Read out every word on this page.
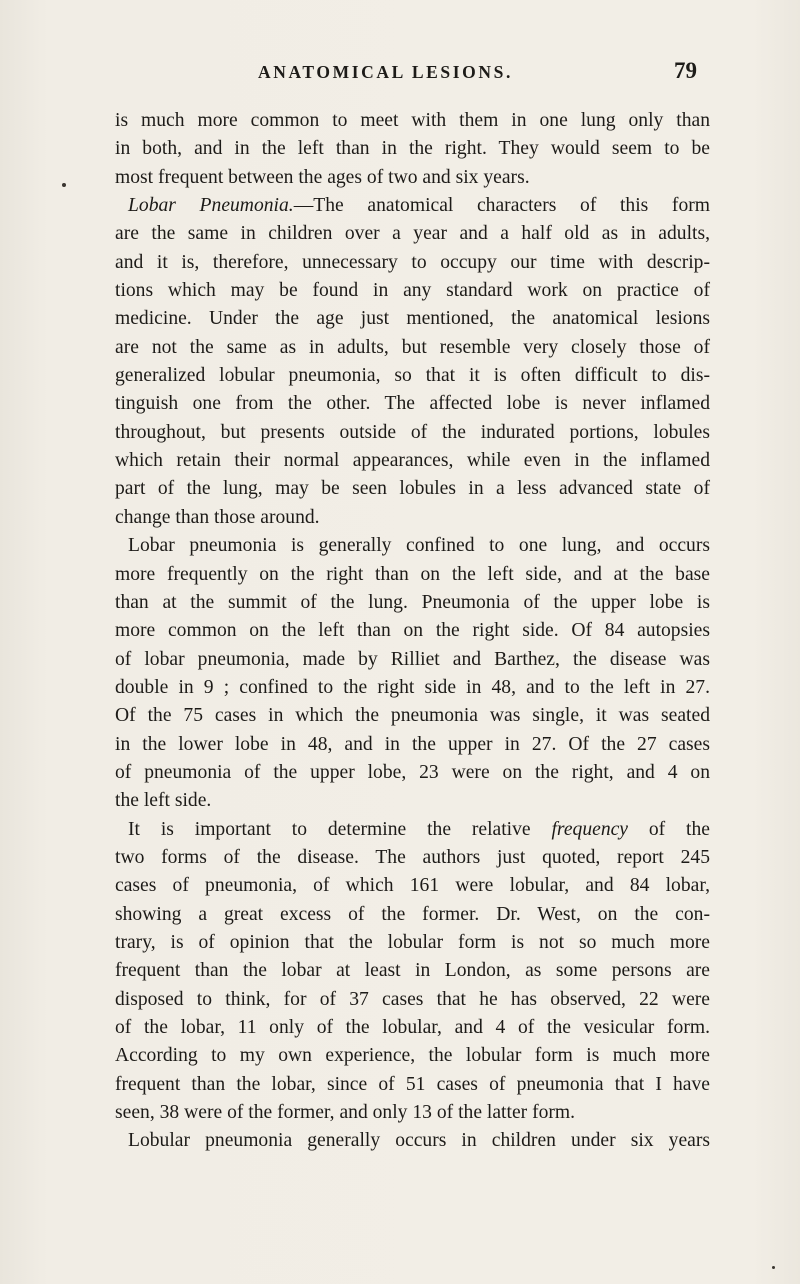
ANATOMICAL LESIONS.	79
is much more common to meet with them in one lung only than
in both, and in the left than in the right. They would seem to be
most frequent between the ages of two and six years.
Lobar Pneumonia.—The anatomical characters of this form
are the same in children over a year and a half old as in adults,
and it is, therefore, unnecessary to occupy our time with descrip-
tions which may be found in any standard work on practice of
medicine. Under the age just mentioned, the anatomical lesions
are not the same as in adults, but resemble very closely those of
generalized lobular pneumonia, so that it is often difficult to dis-
tinguish one from the other. The affected lobe is never inflamed
throughout, but presents outside of the indurated portions, lobules
which retain their normal appearances, while even in the inflamed
part of the lung, may be seen lobules in a less advanced state of
change than those around.
Lobar pneumonia is generally confined to one lung, and occurs
more frequently on the right than on the left side, and at the base
than at the summit of the lung. Pneumonia of the upper lobe is
more common on the left than on the right side. Of 84 autopsies
of lobar pneumonia, made by Rilliet and Barthez, the disease was
double in 9 ; confined to the right side in 48, and to the left in 27.
Of the 75 cases in which the pneumonia was single, it was seated
in the lower lobe in 48, and in the upper in 27. Of the 27 cases
of pneumonia of the upper lobe, 23 were on the right, and 4 on
the left side.
It is important to determine the relative frequency of the
two forms of the disease. The authors just quoted, report 245
cases of pneumonia, of which 161 were lobular, and 84 lobar,
showing a great excess of the former. Dr. West, on the con-
trary, is of opinion that the lobular form is not so much more
frequent than the lobar at least in London, as some persons are
disposed to think, for of 37 cases that he has observed, 22 were
of the lobar, 11 only of the lobular, and 4 of the vesicular form.
According to my own experience, the lobular form is much more
frequent than the lobar, since of 51 cases of pneumonia that I have
seen, 38 were of the former, and only 13 of the latter form.
Lobular pneumonia generally occurs in children under six years
